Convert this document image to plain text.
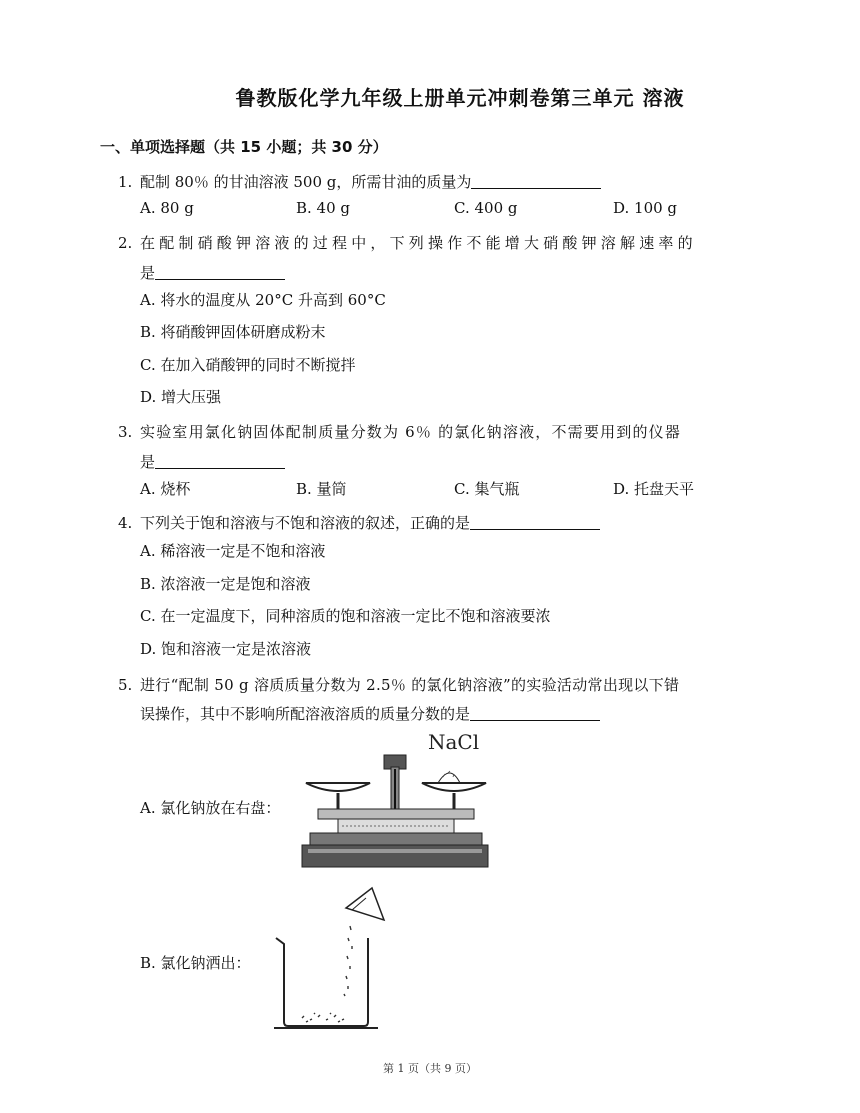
鲁教版化学九年级上册单元冲刺卷第三单元 溶液
一、单项选择题（共 15 小题；共 30 分）
1. 配制 80％ 的甘油溶液 500 g，所需甘油的质量为
A. 80 g	B. 40 g	C. 400 g	D. 100 g
2. 在配制硝酸钾溶液的过程中，下列操作不能增大硝酸钾溶解速率的
是
A. 将水的温度从 20°C 升高到 60°C
B. 将硝酸钾固体研磨成粉末
C. 在加入硝酸钾的同时不断搅拌
D. 增大压强
3. 实验室用氯化钠固体配制质量分数为 6％ 的氯化钠溶液，不需要用到的仪器
是
A. 烧杯	B. 量筒	C. 集气瓶	D. 托盘天平
4. 下列关于饱和溶液与不饱和溶液的叙述，正确的是
A. 稀溶液一定是不饱和溶液
B. 浓溶液一定是饱和溶液
C. 在一定温度下，同种溶质的饱和溶液一定比不饱和溶液要浓
D. 饱和溶液一定是浓溶液
5. 进行“配制 50 g 溶质质量分数为 2.5％ 的氯化钠溶液”的实验活动常出现以下错
误操作，其中不影响所配溶液溶质的质量分数的是
A. 氯化钠放在右盘：
B. 氯化钠洒出：
NaCl
第 1 页（共 9 页）
